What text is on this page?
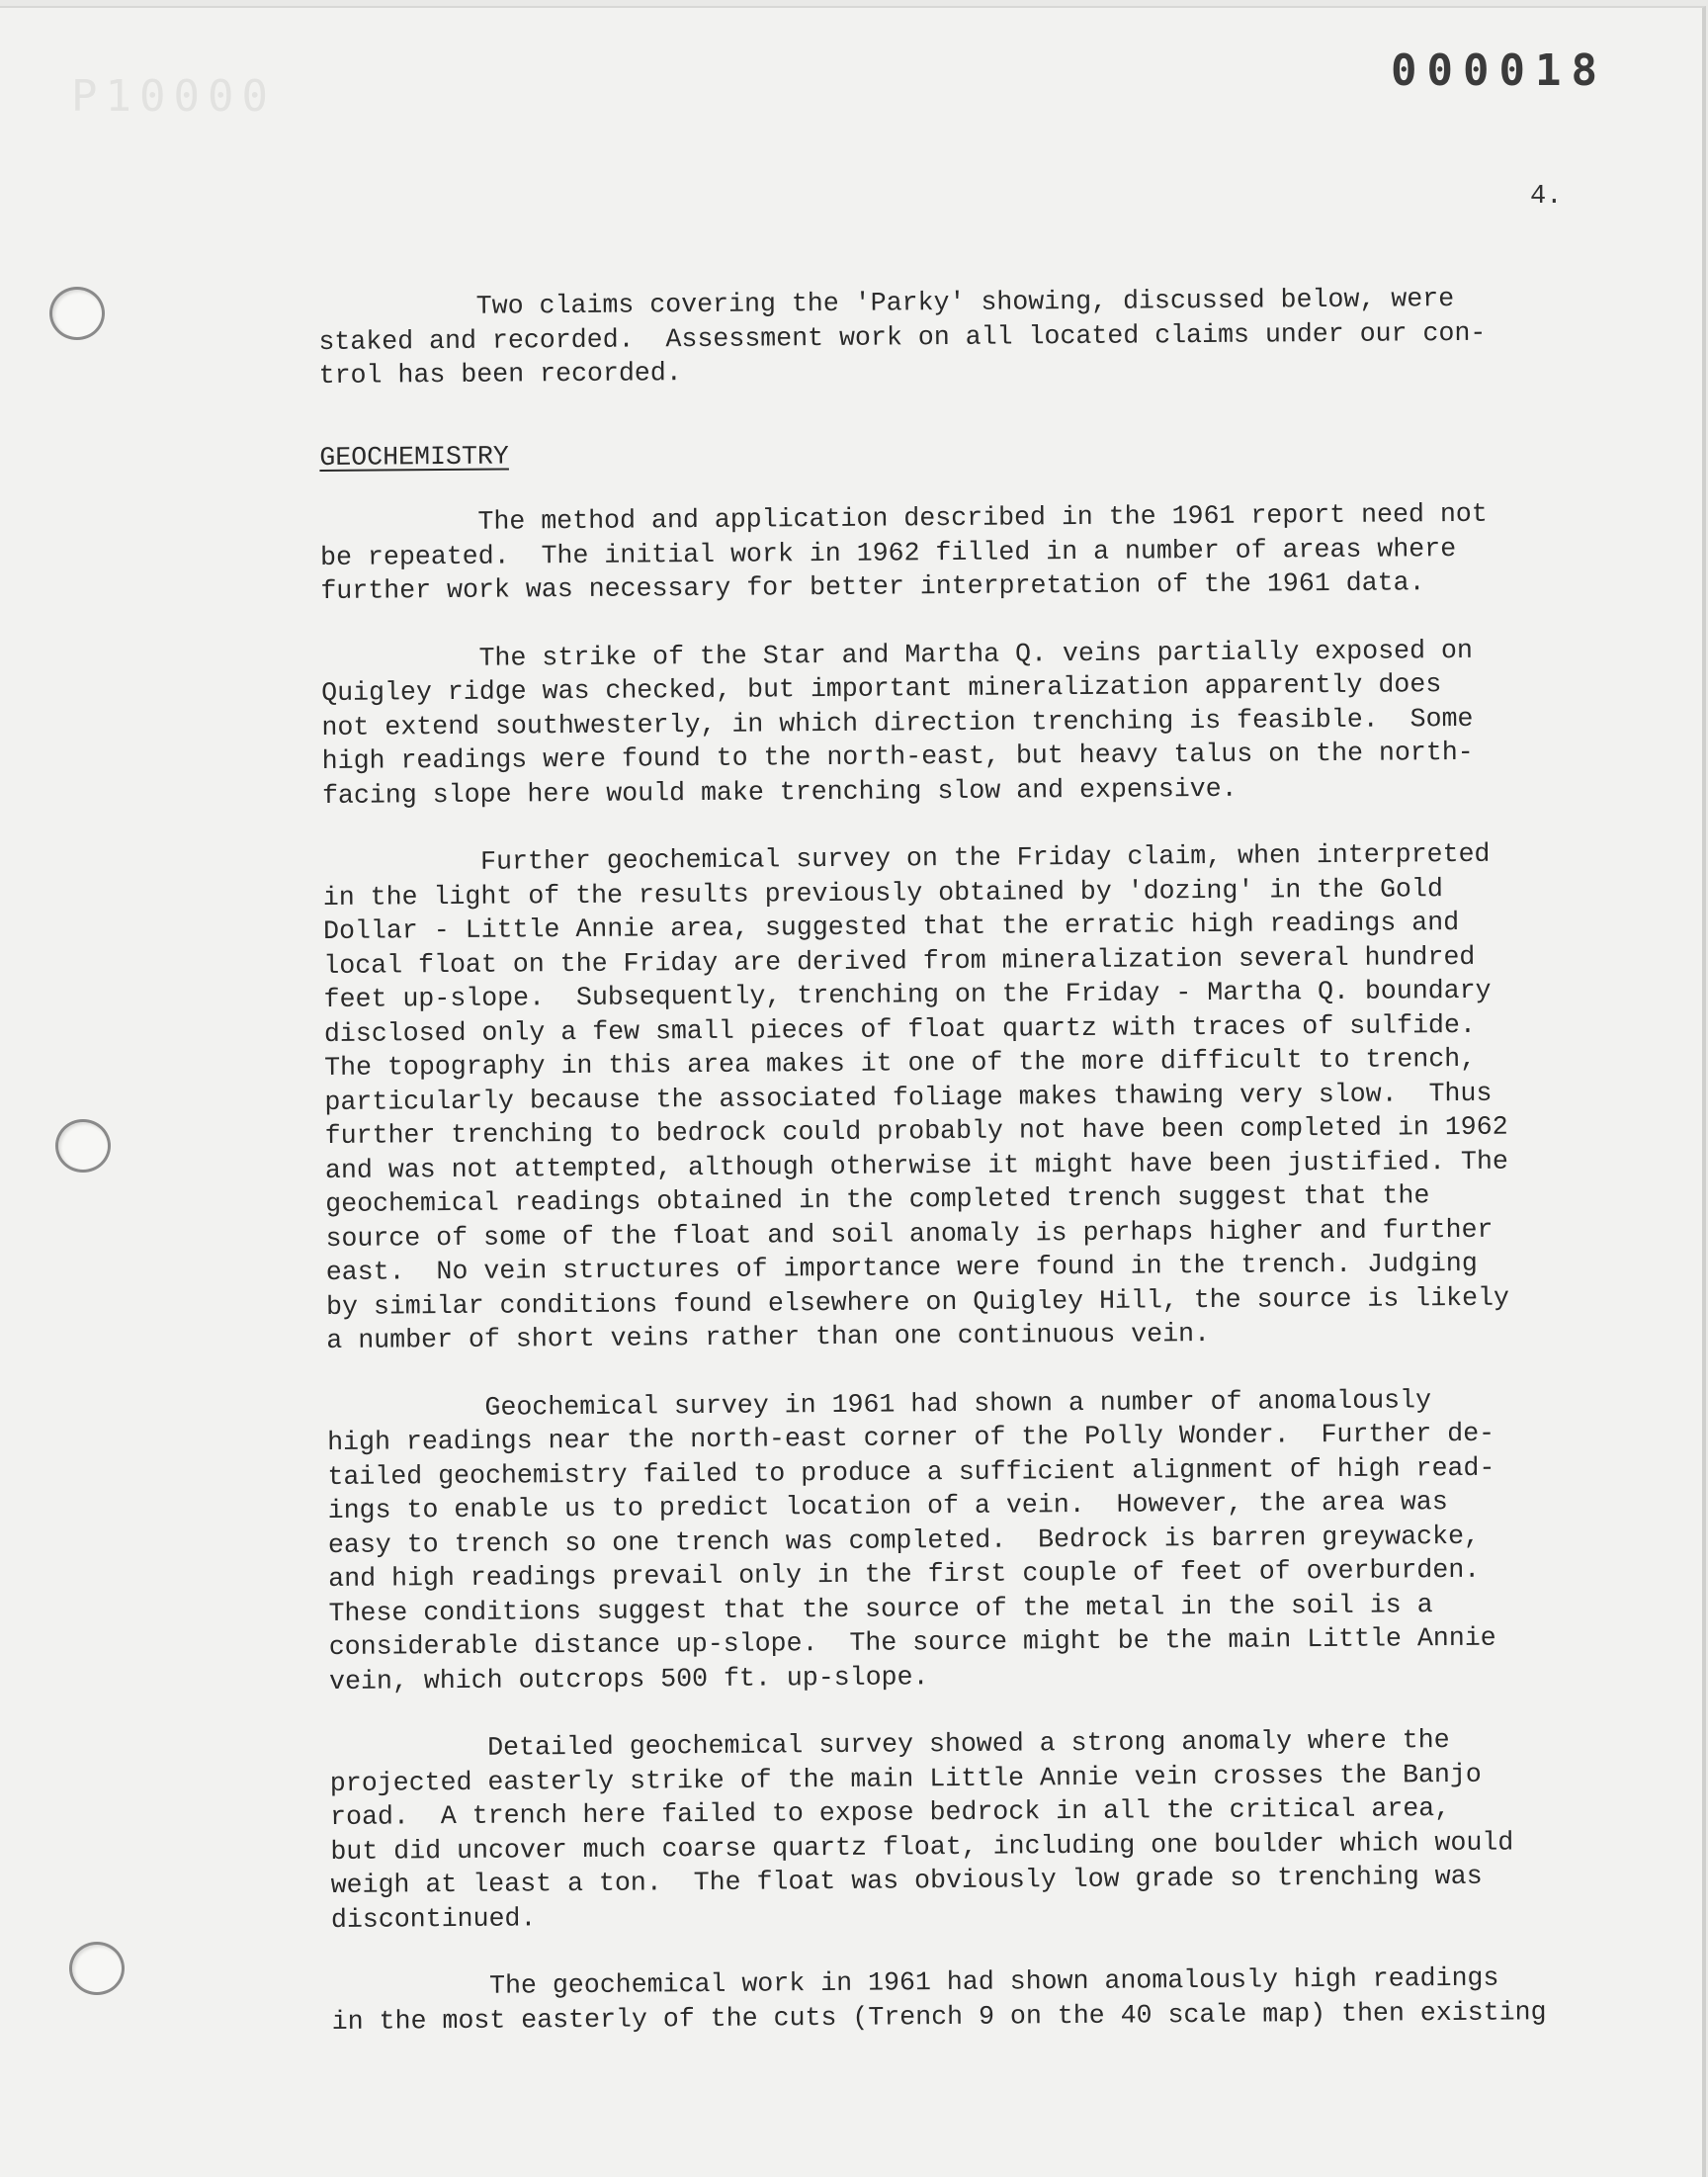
P10000
000018
4.

Two claims covering the 'Parky' showing, discussed below, were
staked and recorded.  Assessment work on all located claims under our con-
trol has been recorded.

GEOCHEMISTRY

The method and application described in the 1961 report need not
be repeated.  The initial work in 1962 filled in a number of areas where
further work was necessary for better interpretation of the 1961 data.

The strike of the Star and Martha Q. veins partially exposed on
Quigley ridge was checked, but important mineralization apparently does
not extend southwesterly, in which direction trenching is feasible.  Some
high readings were found to the north-east, but heavy talus on the north-
facing slope here would make trenching slow and expensive.

Further geochemical survey on the Friday claim, when interpreted
in the light of the results previously obtained by 'dozing' in the Gold
Dollar - Little Annie area, suggested that the erratic high readings and
local float on the Friday are derived from mineralization several hundred
feet up-slope.  Subsequently, trenching on the Friday - Martha Q. boundary
disclosed only a few small pieces of float quartz with traces of sulfide.
The topography in this area makes it one of the more difficult to trench,
particularly because the associated foliage makes thawing very slow.  Thus
further trenching to bedrock could probably not have been completed in 1962
and was not attempted, although otherwise it might have been justified. The
geochemical readings obtained in the completed trench suggest that the
source of some of the float and soil anomaly is perhaps higher and further
east.  No vein structures of importance were found in the trench. Judging
by similar conditions found elsewhere on Quigley Hill, the source is likely
a number of short veins rather than one continuous vein.

Geochemical survey in 1961 had shown a number of anomalously
high readings near the north-east corner of the Polly Wonder.  Further de-
tailed geochemistry failed to produce a sufficient alignment of high read-
ings to enable us to predict location of a vein.  However, the area was
easy to trench so one trench was completed.  Bedrock is barren greywacke,
and high readings prevail only in the first couple of feet of overburden.
These conditions suggest that the source of the metal in the soil is a
considerable distance up-slope.  The source might be the main Little Annie
vein, which outcrops 500 ft. up-slope.

Detailed geochemical survey showed a strong anomaly where the
projected easterly strike of the main Little Annie vein crosses the Banjo
road.  A trench here failed to expose bedrock in all the critical area,
but did uncover much coarse quartz float, including one boulder which would
weigh at least a ton.  The float was obviously low grade so trenching was
discontinued.

The geochemical work in 1961 had shown anomalously high readings
in the most easterly of the cuts (Trench 9 on the 40 scale map) then existing
